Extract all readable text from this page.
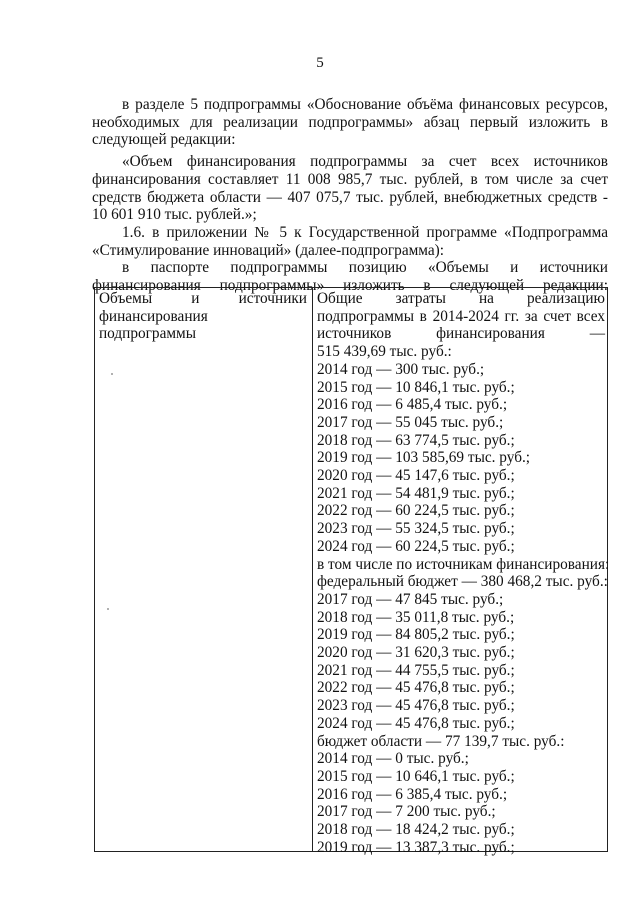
5

в разделе 5 подпрограммы «Обоснование объёма финансовых ресурсов, необходимых для реализации подпрограммы» абзац первый изложить в следующей редакции:

«Объем финансирования подпрограммы за счет всех источников финансирования составляет 11 008 985,7 тыс. рублей, в том числе за счет средств бюджета области — 407 075,7 тыс. рублей, внебюджетных средств - 10 601 910 тыс. рублей.»;

1.6. в приложении № 5 к Государственной программе «Подпрограмма «Стимулирование инноваций» (далее-подпрограмма):

в паспорте подпрограммы позицию «Объемы и источники финансирования подпрограммы» изложить в следующей редакции:

Объемы и источники
финансирования подпрограммы
Общие затраты на реализацию
подпрограммы в 2014-2024 гг. за счет всех
источников финансирования —
515 439,69 тыс. руб.:
2014 год — 300 тыс. руб.;
2015 год — 10 846,1 тыс. руб.;
2016 год — 6 485,4 тыс. руб.;
2017 год — 55 045 тыс. руб.;
2018 год — 63 774,5 тыс. руб.;
2019 год — 103 585,69 тыс. руб.;
2020 год — 45 147,6 тыс. руб.;
2021 год — 54 481,9 тыс. руб.;
2022 год — 60 224,5 тыс. руб.;
2023 год — 55 324,5 тыс. руб.;
2024 год — 60 224,5 тыс. руб.;
в том числе по источникам финансирования:
федеральный бюджет — 380 468,2 тыс. руб.:
2017 год — 47 845 тыс. руб.;
2018 год — 35 011,8 тыс. руб.;
2019 год — 84 805,2 тыс. руб.;
2020 год — 31 620,3 тыс. руб.;
2021 год — 44 755,5 тыс. руб.;
2022 год — 45 476,8 тыс. руб.;
2023 год — 45 476,8 тыс. руб.;
2024 год — 45 476,8 тыс. руб.;
бюджет области — 77 139,7 тыс. руб.:
2014 год — 0 тыс. руб.;
2015 год — 10 646,1 тыс. руб.;
2016 год — 6 385,4 тыс. руб.;
2017 год — 7 200 тыс. руб.;
2018 год — 18 424,2 тыс. руб.;
2019 год — 13 387,3 тыс. руб.;
